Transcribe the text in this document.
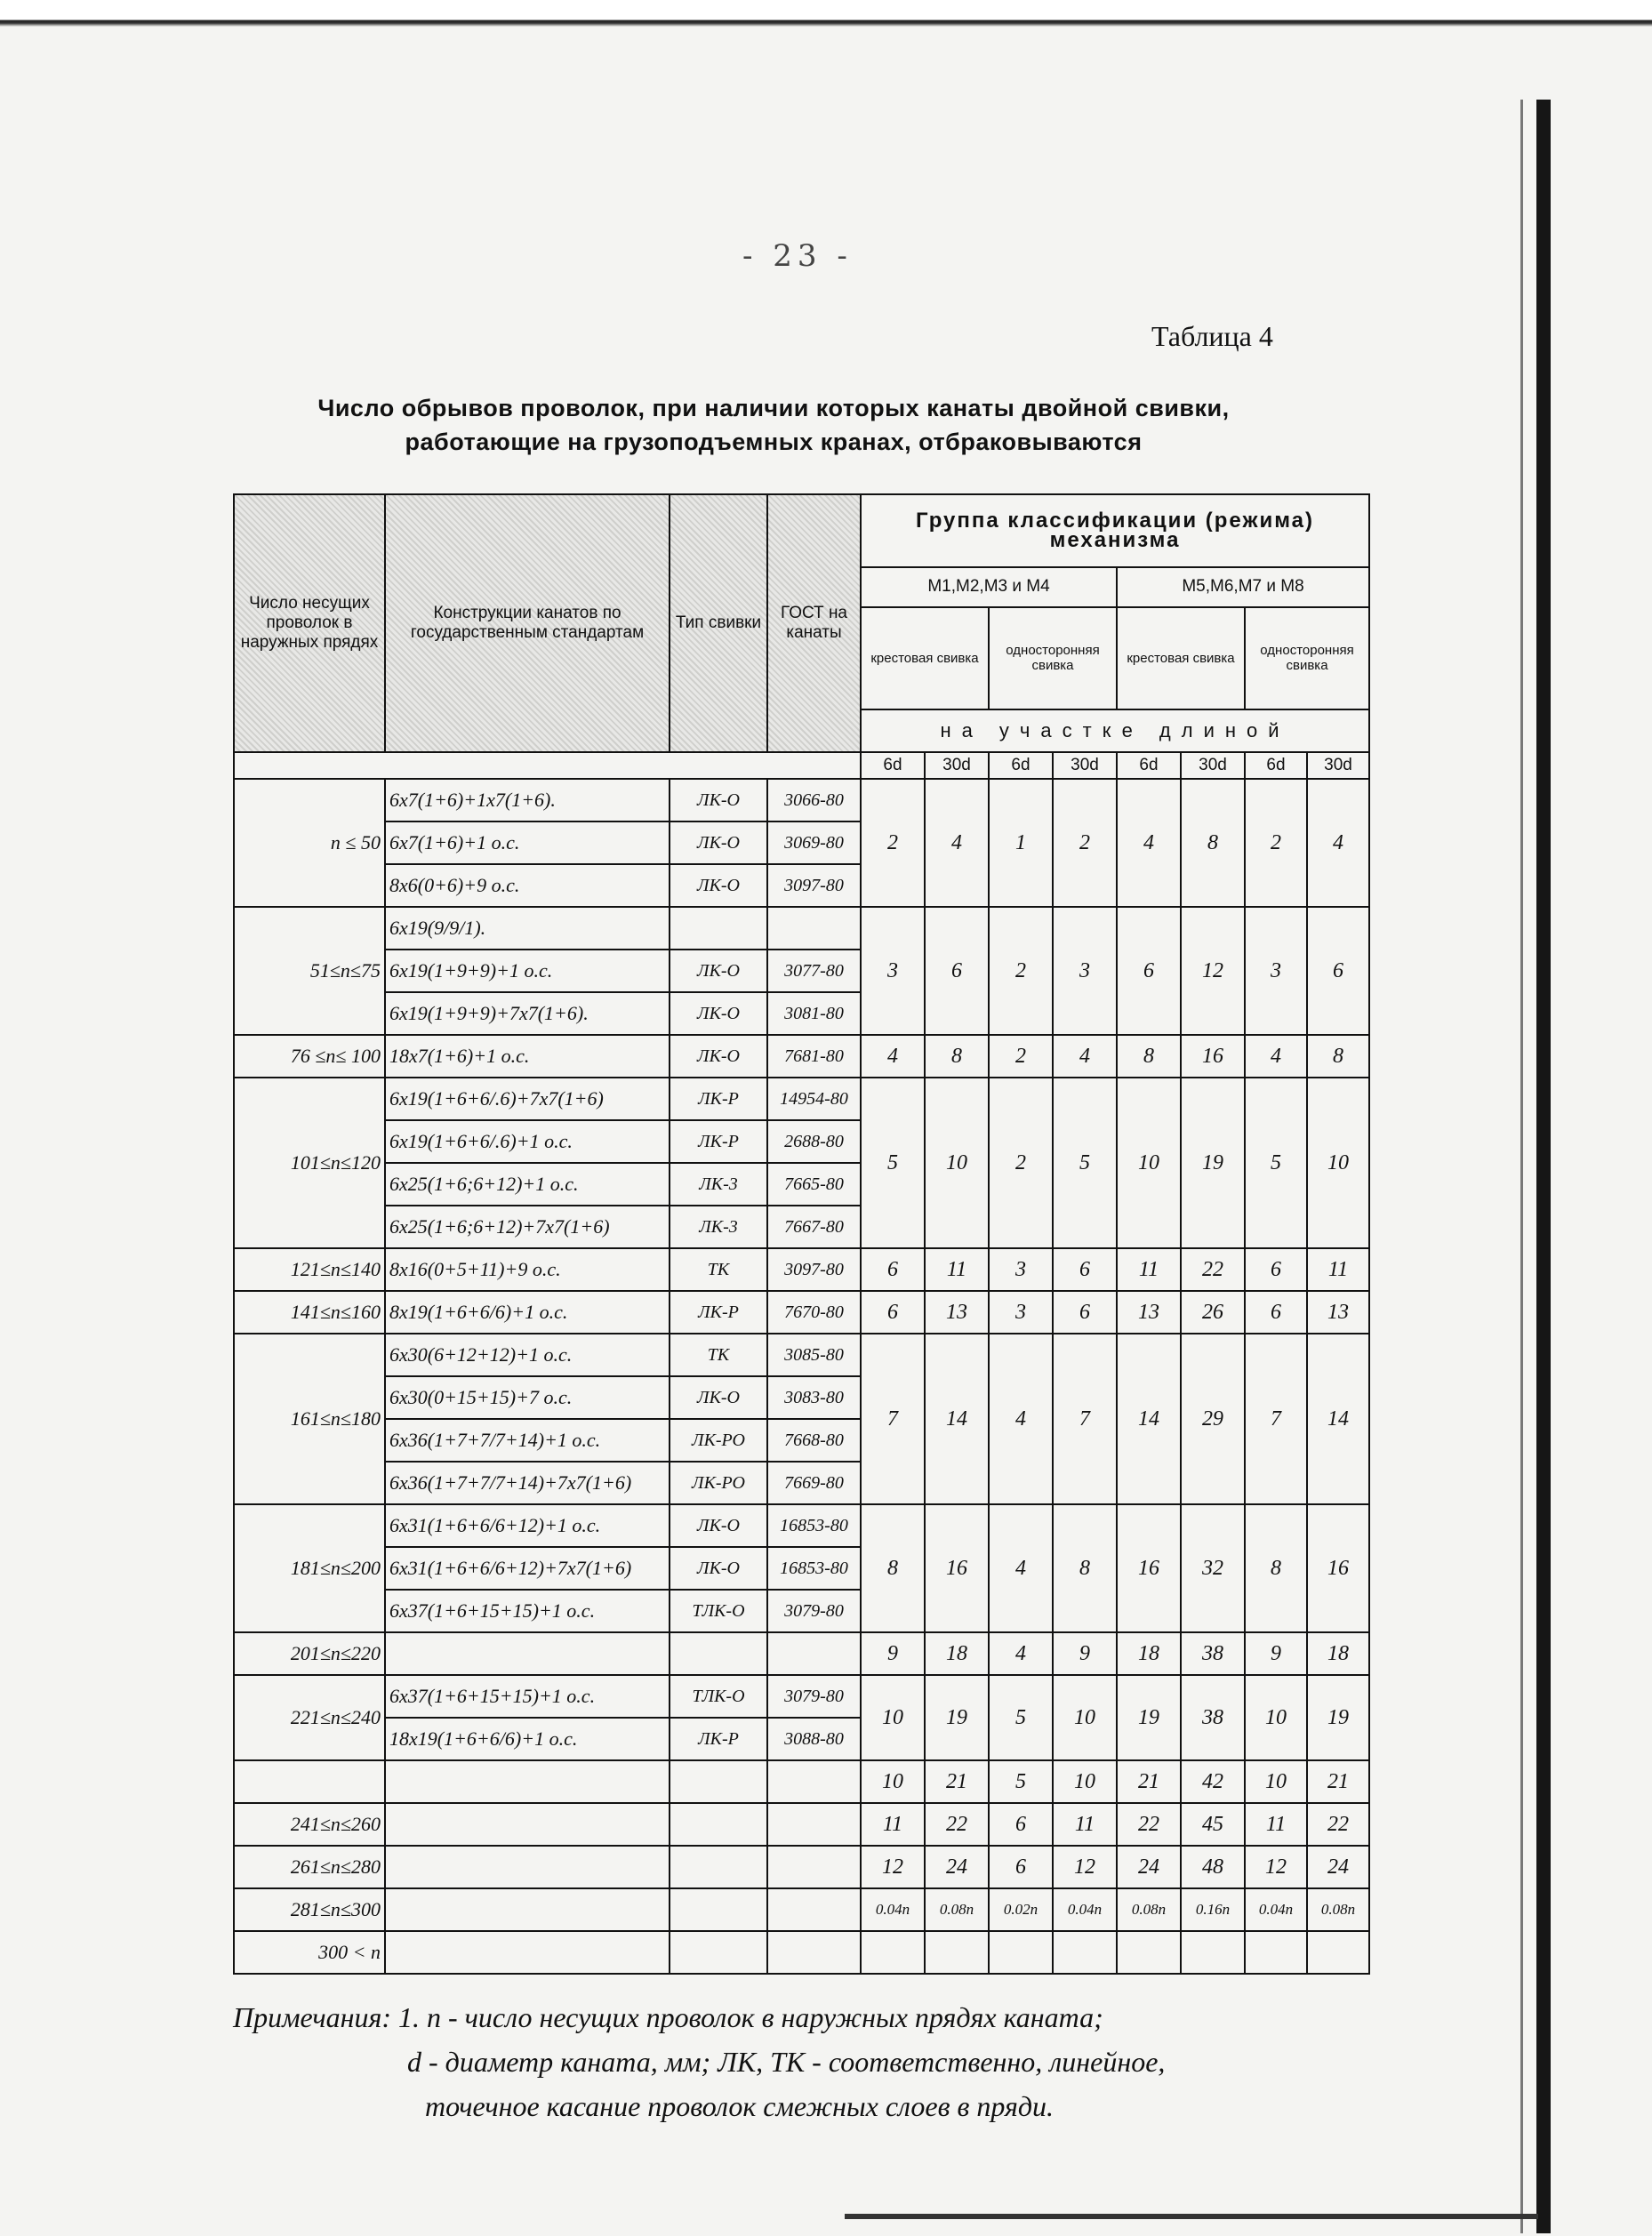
- 23 -
Таблица 4
Число обрывов проволок, при наличии которых канаты двойной свивки,
работающие на грузоподъемных кранах, отбраковываются
Число несущих проволок в наружных прядях	Конструкции канатов по государственным стандартам	Тип свивки	ГОСТ на канаты	Группа классификации (режима) механизма							
				M1,M2,M3 и M4				M5,M6,M7 и M8			
				крестовая свивка		односторонняя свивка		крестовая свивка		односторонняя свивка	
				на участке длиной							
				6d	30d	6d	30d	6d	30d	6d	30d
n ≤ 50	6x7(1+6)+1x7(1+6).	ЛК-О	3066-80	2	4	1	2	4	8	2	4
	6x7(1+6)+1 о.с.	ЛК-О	3069-80								
	8x6(0+6)+9 о.с.	ЛК-О	3097-80								
51≤n≤75	6x19(9/9/1).			3	6	2	3	6	12	3	6
	6x19(1+9+9)+1 о.с.	ЛК-О	3077-80								
	6x19(1+9+9)+7x7(1+6).	ЛК-О	3081-80								
76 ≤n≤ 100	18x7(1+6)+1 о.с.	ЛК-О	7681-80	4	8	2	4	8	16	4	8
101≤n≤120	6x19(1+6+6/.6)+7x7(1+6)	ЛК-Р	14954-80	5	10	2	5	10	19	5	10
	6x19(1+6+6/.6)+1 о.с.	ЛК-Р	2688-80								
	6x25(1+6;6+12)+1 о.с.	ЛК-3	7665-80								
	6x25(1+6;6+12)+7x7(1+6)	ЛК-3	7667-80								
121≤n≤140	8x16(0+5+11)+9 о.с.	ТК	3097-80	6	11	3	6	11	22	6	11
141≤n≤160	8x19(1+6+6/6)+1 о.с.	ЛК-Р	7670-80	6	13	3	6	13	26	6	13
161≤n≤180	6x30(6+12+12)+1 о.с.	ТК	3085-80	7	14	4	7	14	29	7	14
	6x30(0+15+15)+7 о.с.	ЛК-О	3083-80								
	6x36(1+7+7/7+14)+1 о.с.	ЛК-РО	7668-80								
	6x36(1+7+7/7+14)+7x7(1+6)	ЛК-РО	7669-80								
181≤n≤200	6x31(1+6+6/6+12)+1 о.с.	ЛК-О	16853-80	8	16	4	8	16	32	8	16
	6x31(1+6+6/6+12)+7x7(1+6)	ЛК-О	16853-80								
	6x37(1+6+15+15)+1 о.с.	ТЛК-О	3079-80								
201≤n≤220				9	18	4	9	18	38	9	18
221≤n≤240	6x37(1+6+15+15)+1 о.с.	ТЛК-О	3079-80	10	19	5	10	19	38	10	19
	18x19(1+6+6/6)+1 о.с.	ЛК-Р	3088-80								
				10	21	5	10	21	42	10	21
241≤n≤260				11	22	6	11	22	45	11	22
261≤n≤280				12	24	6	12	24	48	12	24
281≤n≤300				0.04n	0.08n	0.02n	0.04n	0.08n	0.16n	0.04n	0.08n
300 < n											
Примечания: 1. n - число несущих проволок в наружных прядях каната;
d - диаметр каната, мм; ЛК, ТК - соответственно, линейное,
точечное касание проволок смежных слоев в пряди.
